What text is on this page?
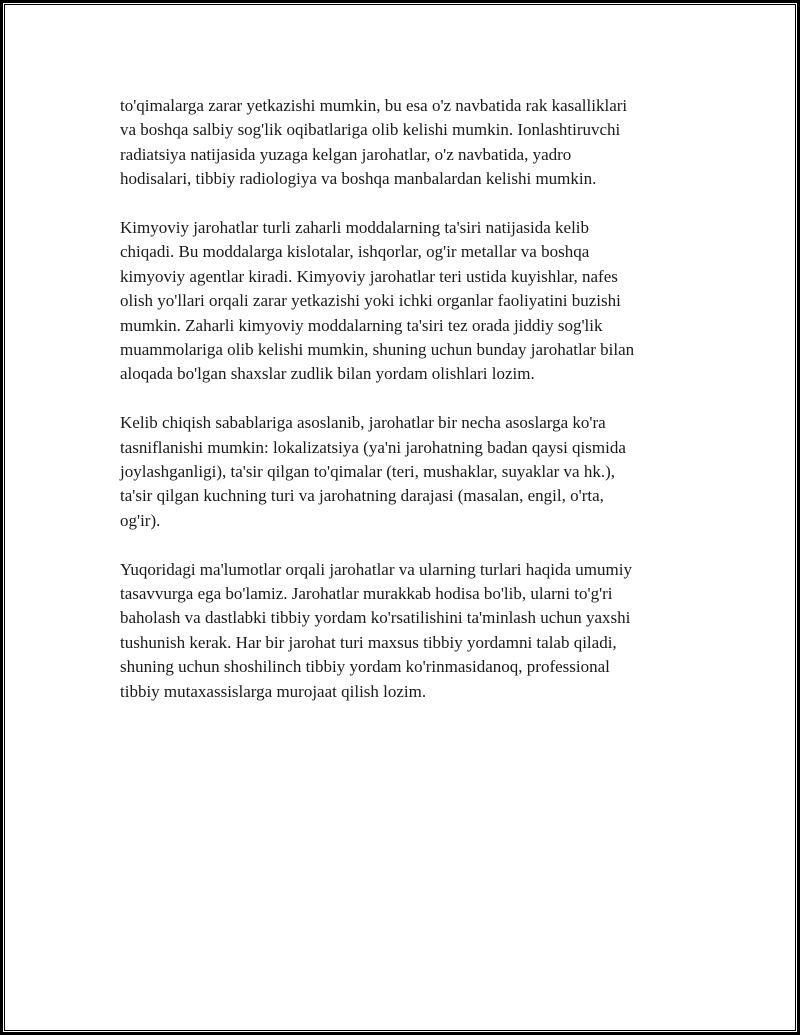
to'qimalarga zarar yetkazishi mumkin, bu esa o'z navbatida rak kasalliklari
va boshqa salbiy sog'lik oqibatlariga olib kelishi mumkin. Ionlashtiruvchi
radiatsiya natijasida yuzaga kelgan jarohatlar, o'z navbatida, yadro
hodisalari, tibbiy radiologiya va boshqa manbalardan kelishi mumkin.

Kimyoviy jarohatlar turli zaharli moddalarning ta'siri natijasida kelib
chiqadi. Bu moddalarga kislotalar, ishqorlar, og'ir metallar va boshqa
kimyoviy agentlar kiradi. Kimyoviy jarohatlar teri ustida kuyishlar, nafes
olish yo'llari orqali zarar yetkazishi yoki ichki organlar faoliyatini buzishi
mumkin. Zaharli kimyoviy moddalarning ta'siri tez orada jiddiy sog'lik
muammolariga olib kelishi mumkin, shuning uchun bunday jarohatlar bilan
aloqada bo'lgan shaxslar zudlik bilan yordam olishlari lozim.

Kelib chiqish sabablariga asoslanib, jarohatlar bir necha asoslarga ko'ra
tasniflanishi mumkin: lokalizatsiya (ya'ni jarohatning badan qaysi qismida
joylashganligi), ta'sir qilgan to'qimalar (teri, mushaklar, suyaklar va hk.),
ta'sir qilgan kuchning turi va jarohatning darajasi (masalan, engil, o'rta,
og'ir).

Yuqoridagi ma'lumotlar orqali jarohatlar va ularning turlari haqida umumiy
tasavvurga ega bo'lamiz. Jarohatlar murakkab hodisa bo'lib, ularni to'g'ri
baholash va dastlabki tibbiy yordam ko'rsatilishini ta'minlash uchun yaxshi
tushunish kerak. Har bir jarohat turi maxsus tibbiy yordamni talab qiladi,
shuning uchun shoshilinch tibbiy yordam ko'rinmasidanoq, professional
tibbiy mutaxassislarga murojaat qilish lozim.
